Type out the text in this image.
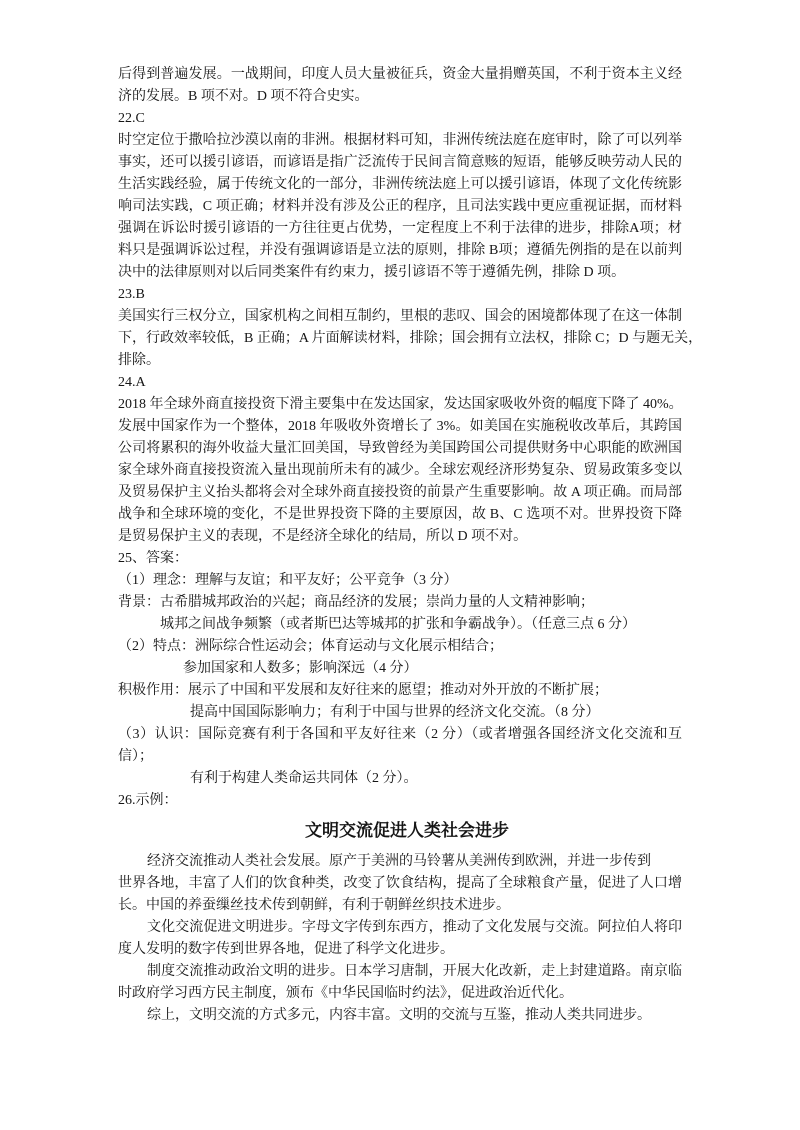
后得到普遍发展。一战期间，印度人员大量被征兵，资金大量捐赠英国，不利于资本主义经
济的发展。B 项不对。D 项不符合史实。
22.C
时空定位于撒哈拉沙漠以南的非洲。根据材料可知，非洲传统法庭在庭审时，除了可以列举
事实，还可以援引谚语，而谚语是指广泛流传于民间言简意赅的短语，能够反映劳动人民的
生活实践经验，属于传统文化的一部分，非洲传统法庭上可以援引谚语，体现了文化传统影
响司法实践，C 项正确；材料并没有涉及公正的程序，且司法实践中更应重视证据，而材料
强调在诉讼时援引谚语的一方往往更占优势，一定程度上不利于法律的进步，排除A项；材
料只是强调诉讼过程，并没有强调谚语是立法的原则，排除 B项；遵循先例指的是在以前判
决中的法律原则对以后同类案件有约束力，援引谚语不等于遵循先例，排除 D 项。
23.B
美国实行三权分立，国家机构之间相互制约，里根的悲叹、国会的困境都体现了在这一体制
下，行政效率较低，B 正确；A 片面解读材料，排除；国会拥有立法权，排除 C；D 与题无关，
排除。
24.A
2018 年全球外商直接投资下滑主要集中在发达国家，发达国家吸收外资的幅度下降了 40%。
发展中国家作为一个整体，2018 年吸收外资增长了 3%。如美国在实施税收改革后，其跨国
公司将累积的海外收益大量汇回美国，导致曾经为美国跨国公司提供财务中心职能的欧洲国
家全球外商直接投资流入量出现前所未有的减少。全球宏观经济形势复杂、贸易政策多变以
及贸易保护主义抬头都将会对全球外商直接投资的前景产生重要影响。故 A 项正确。而局部
战争和全球环境的变化，不是世界投资下降的主要原因，故 B、C 选项不对。世界投资下降
是贸易保护主义的表现，不是经济全球化的结局，所以 D 项不对。
25、答案：
（1）理念：理解与友谊；和平友好；公平竞争（3 分）
背景：古希腊城邦政治的兴起；商品经济的发展；崇尚力量的人文精神影响；
城邦之间战争频繁（或者斯巴达等城邦的扩张和争霸战争）。（任意三点 6 分）
（2）特点：洲际综合性运动会；体育运动与文化展示相结合；
参加国家和人数多；影响深远（4 分）
积极作用：展示了中国和平发展和友好往来的愿望；推动对外开放的不断扩展；
提高中国国际影响力；有利于中国与世界的经济文化交流。（8 分）
（3）认识：国际竞赛有利于各国和平友好往来（2 分）（或者增强各国经济文化交流和互
信）；
有利于构建人类命运共同体（2 分）。
26.示例：
文明交流促进人类社会进步
经济交流推动人类社会发展。原产于美洲的马铃薯从美洲传到欧洲，并进一步传到
世界各地，丰富了人们的饮食种类，改变了饮食结构，提高了全球粮食产量，促进了人口增
长。中国的养蚕缫丝技术传到朝鲜，有利于朝鲜丝织技术进步。
文化交流促进文明进步。字母文字传到东西方，推动了文化发展与交流。阿拉伯人将印
度人发明的数字传到世界各地，促进了科学文化进步。
制度交流推动政治文明的进步。日本学习唐制，开展大化改新，走上封建道路。南京临
时政府学习西方民主制度，颁布《中华民国临时约法》，促进政治近代化。
综上，文明交流的方式多元，内容丰富。文明的交流与互鉴，推动人类共同进步。
